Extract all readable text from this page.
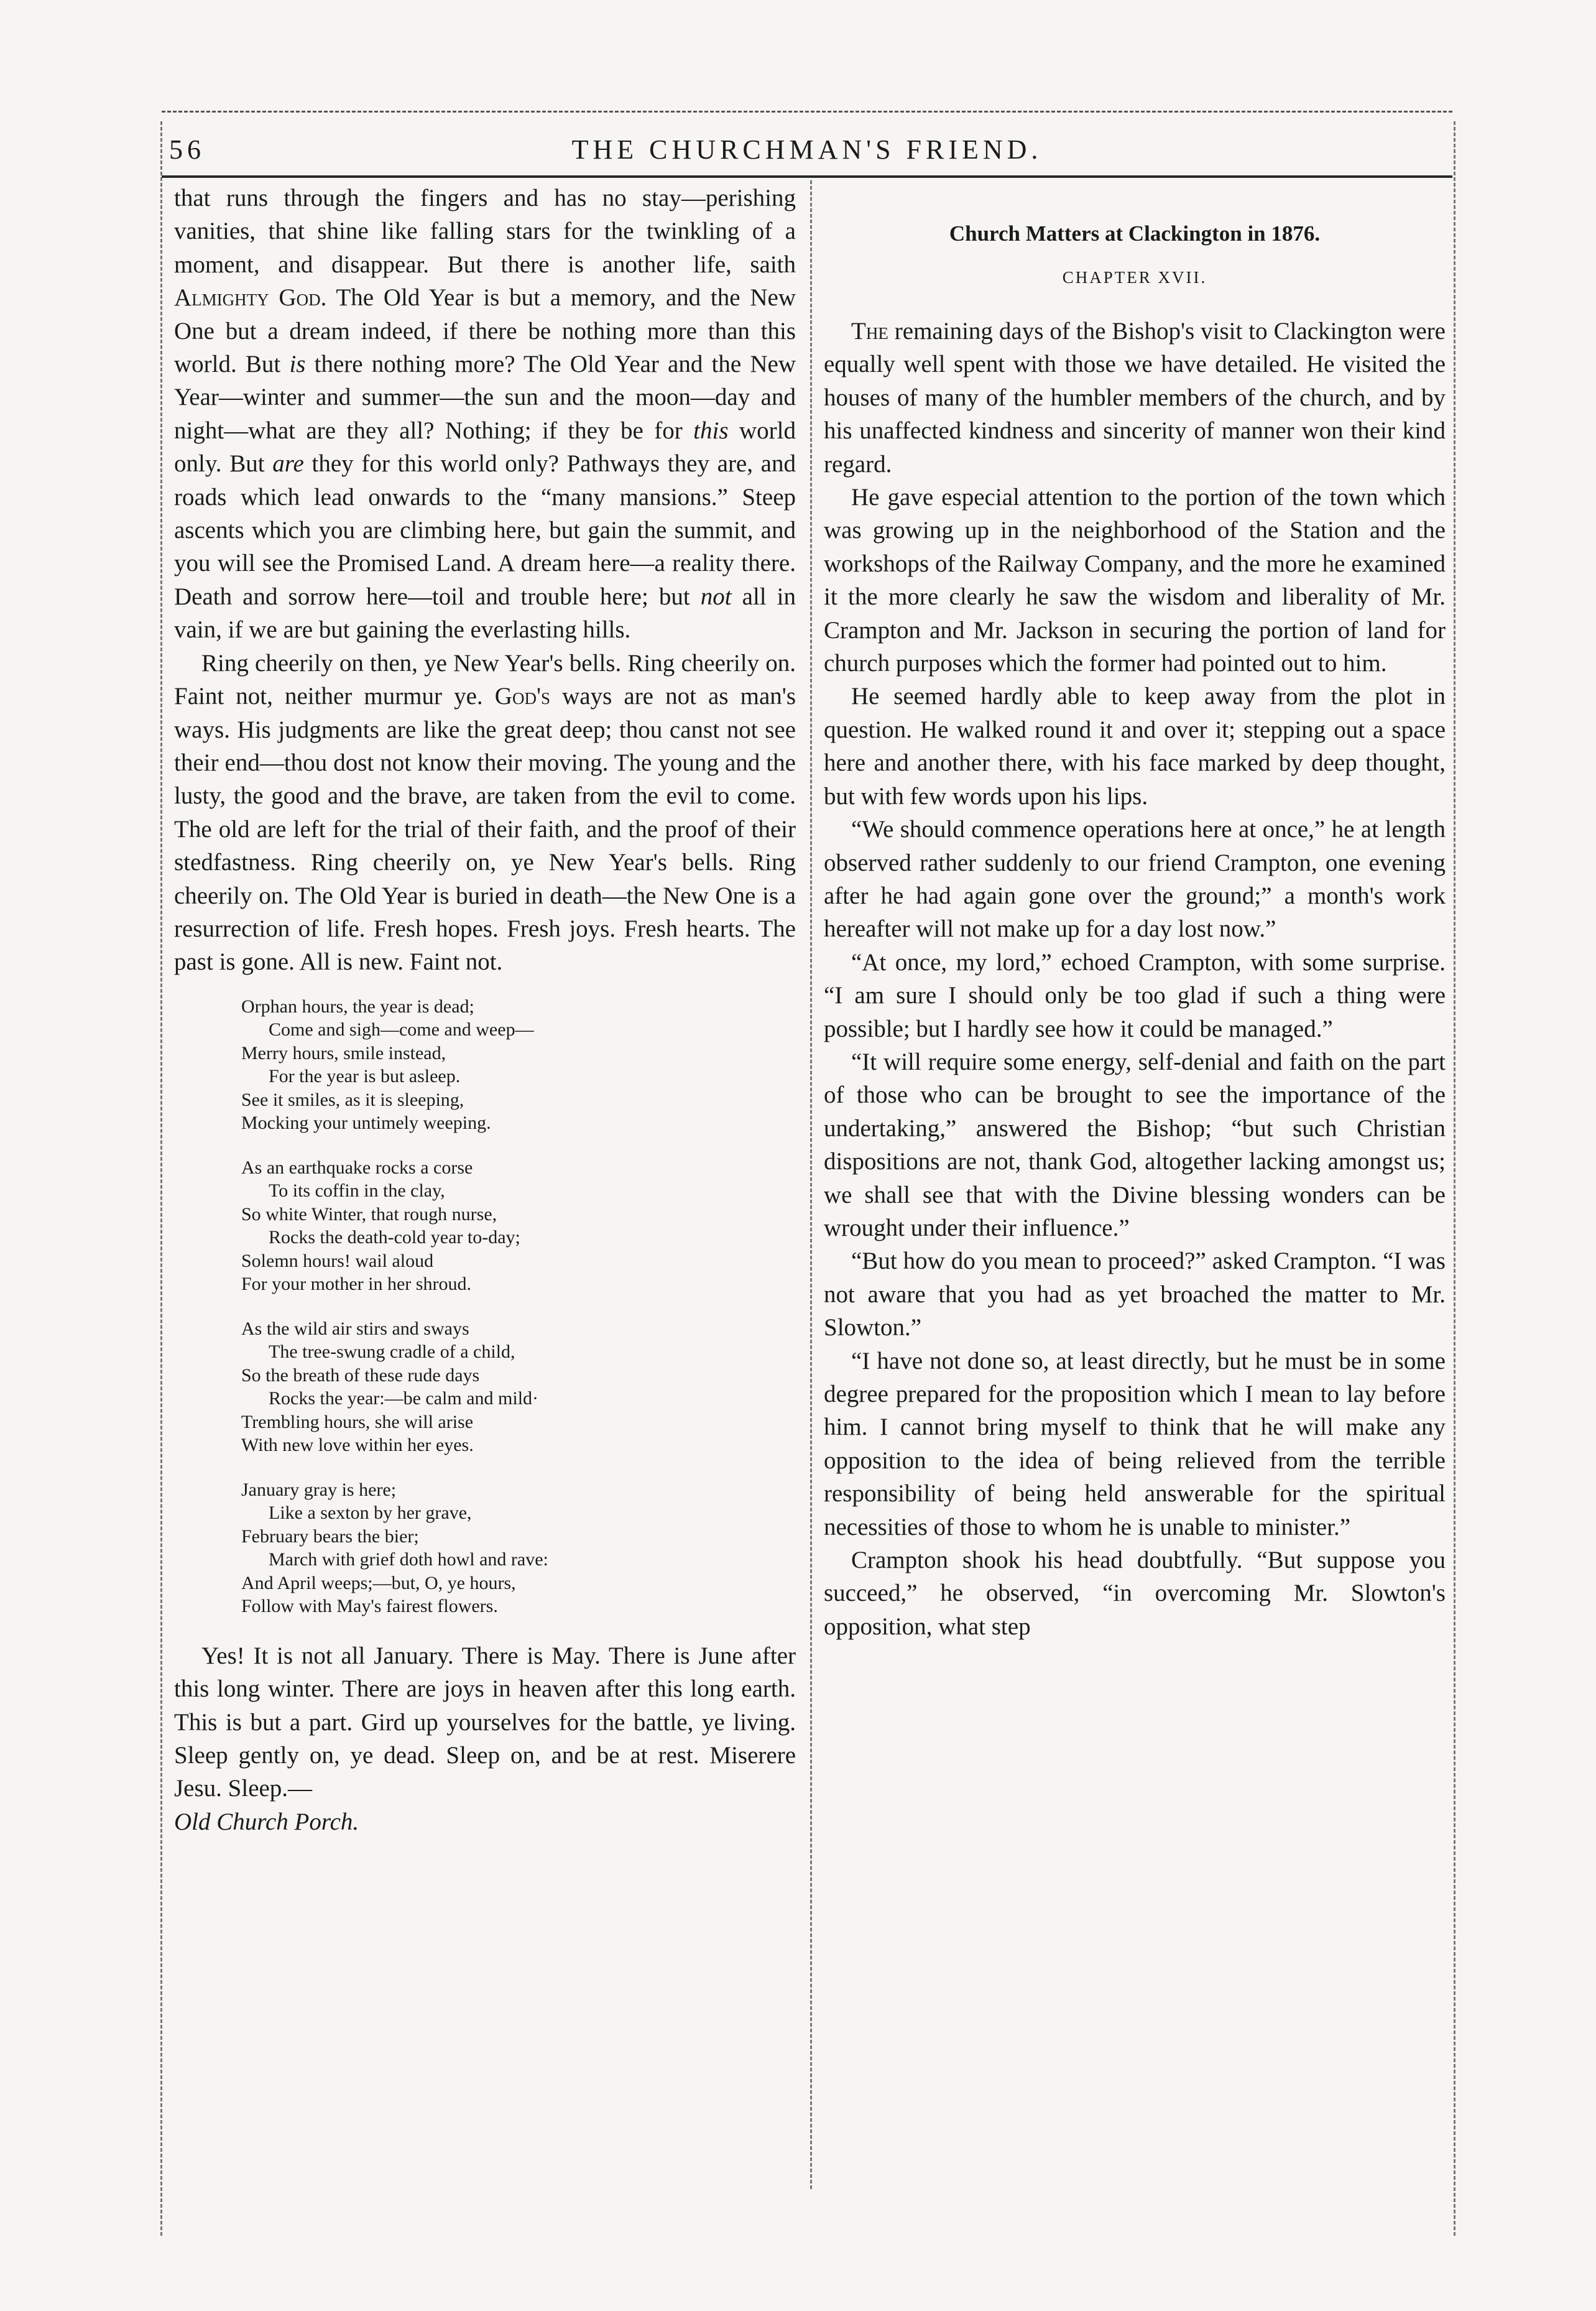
56	THE CHURCHMAN'S FRIEND.

that runs through the fingers and has no stay—perishing vanities, that shine like falling stars for the twinkling of a moment, and disappear. But there is another life, saith Almighty God. The Old Year is but a memory, and the New One but a dream indeed, if there be nothing more than this world. But is there nothing more? The Old Year and the New Year—winter and summer—the sun and the moon—day and night—what are they all? Nothing; if they be for this world only. But are they for this world only? Pathways they are, and roads which lead onwards to the “many mansions.” Steep ascents which you are climbing here, but gain the summit, and you will see the Promised Land. A dream here—a reality there. Death and sorrow here—toil and trouble here; but not all in vain, if we are but gaining the everlasting hills.

Ring cheerily on then, ye New Year's bells. Ring cheerily on. Faint not, neither murmur ye. God's ways are not as man's ways. His judgments are like the great deep; thou canst not see their end—thou dost not know their moving. The young and the lusty, the good and the brave, are taken from the evil to come. The old are left for the trial of their faith, and the proof of their stedfastness. Ring cheerily on, ye New Year's bells. Ring cheerily on. The Old Year is buried in death—the New One is a resurrection of life. Fresh hopes. Fresh joys. Fresh hearts. The past is gone. All is new. Faint not.

Orphan hours, the year is dead;
Come and sigh—come and weep—
Merry hours, smile instead,
For the year is but asleep.
See it smiles, as it is sleeping,
Mocking your untimely weeping.
As an earthquake rocks a corse
To its coffin in the clay,
So white Winter, that rough nurse,
Rocks the death-cold year to-day;
Solemn hours! wail aloud
For your mother in her shroud.
As the wild air stirs and sways
The tree-swung cradle of a child,
So the breath of these rude days
Rocks the year:—be calm and mild·
Trembling hours, she will arise
With new love within her eyes.
January gray is here;
Like a sexton by her grave,
February bears the bier;
March with grief doth howl and rave:
And April weeps;—but, O, ye hours,
Follow with May's fairest flowers.

Yes! It is not all January. There is May. There is June after this long winter. There are joys in heaven after this long earth. This is but a part. Gird up yourselves for the battle, ye living. Sleep gently on, ye dead. Sleep on, and be at rest. Miserere Jesu. Sleep.—
Old Church Porch.

Church Matters at Clackington in 1876.
CHAPTER XVII.

The remaining days of the Bishop's visit to Clackington were equally well spent with those we have detailed. He visited the houses of many of the humbler members of the church, and by his unaffected kindness and sincerity of manner won their kind regard.

He gave especial attention to the portion of the town which was growing up in the neighborhood of the Station and the workshops of the Railway Company, and the more he examined it the more clearly he saw the wisdom and liberality of Mr. Crampton and Mr. Jackson in securing the portion of land for church purposes which the former had pointed out to him.

He seemed hardly able to keep away from the plot in question. He walked round it and over it; stepping out a space here and another there, with his face marked by deep thought, but with few words upon his lips.

“We should commence operations here at once,” he at length observed rather suddenly to our friend Crampton, one evening after he had again gone over the ground;” a month's work hereafter will not make up for a day lost now.”

“At once, my lord,” echoed Crampton, with some surprise. “I am sure I should only be too glad if such a thing were possible; but I hardly see how it could be managed.”

“It will require some energy, self-denial and faith on the part of those who can be brought to see the importance of the undertaking,” answered the Bishop; “but such Christian dispositions are not, thank God, altogether lacking amongst us; we shall see that with the Divine blessing wonders can be wrought under their influence.”

“But how do you mean to proceed?” asked Crampton. “I was not aware that you had as yet broached the matter to Mr. Slowton.”

“I have not done so, at least directly, but he must be in some degree prepared for the proposition which I mean to lay before him. I cannot bring myself to think that he will make any opposition to the idea of being relieved from the terrible responsibility of being held answerable for the spiritual necessities of those to whom he is unable to minister.”

Crampton shook his head doubtfully. “But suppose you succeed,” he observed, “in overcoming Mr. Slowton's opposition, what step
